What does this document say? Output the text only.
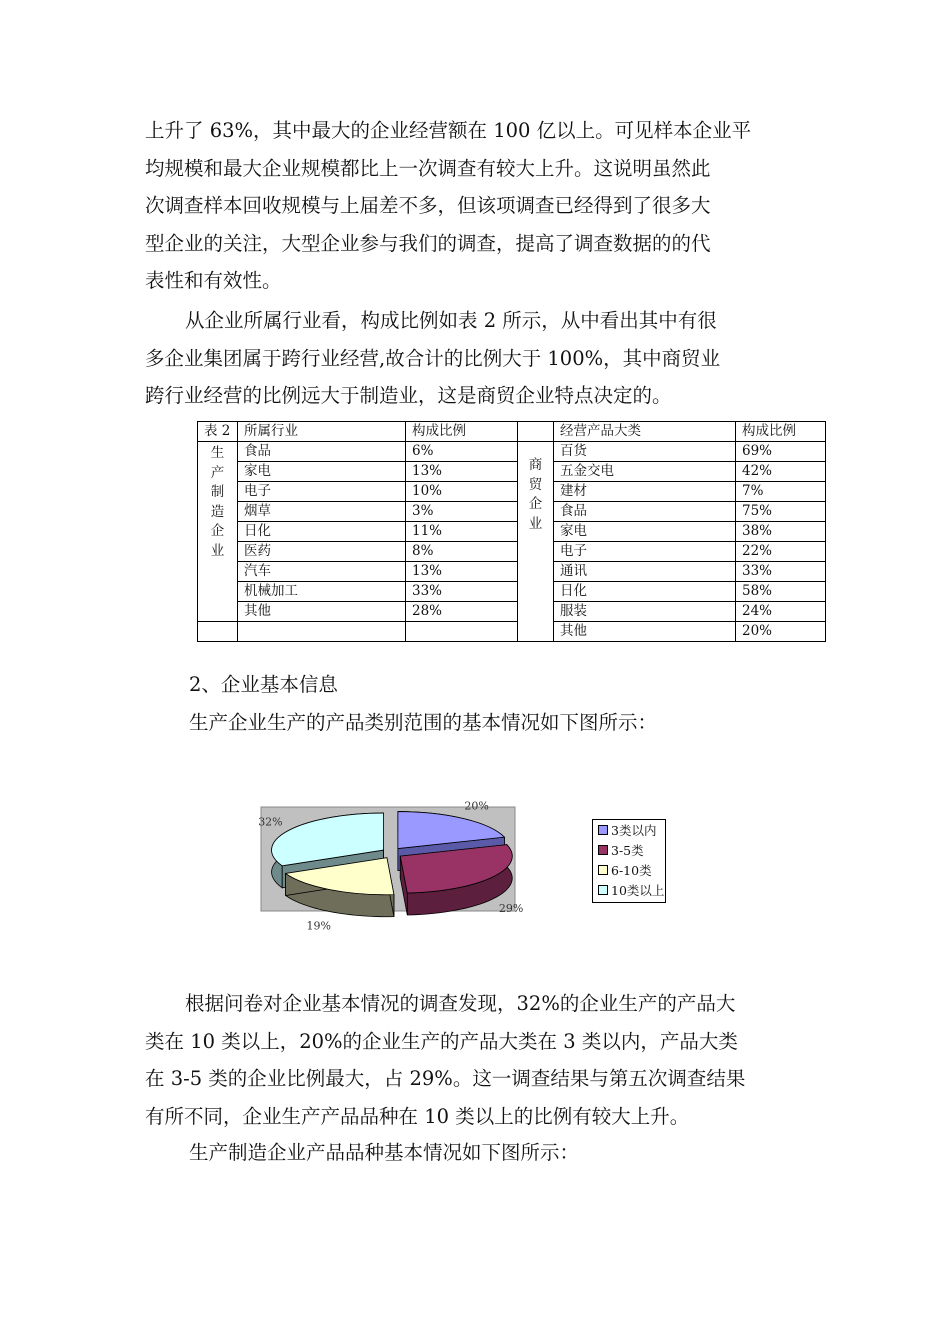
上升了 63%，其中最大的企业经营额在 100 亿以上。可见样本企业平
均规模和最大企业规模都比上一次调查有较大上升。这说明虽然此
次调查样本回收规模与上届差不多，但该项调查已经得到了很多大
型企业的关注，大型企业参与我们的调查，提高了调查数据的的代
表性和有效性。
从企业所属行业看，构成比例如表 2 所示，从中看出其中有很
多企业集团属于跨行业经营,故合计的比例大于 100%，其中商贸业
跨行业经营的比例远大于制造业，这是商贸企业特点决定的。
表 2	所属行业	构成比例		经营产品大类	构成比例

生产制造企业	食品	6%	商贸企业	百货	69%
	家电	13%		五金交电	42%
	电子	10%		建材	7%
	烟草	3%		食品	75%
	日化	11%		家电	38%
	医药	8%		电子	22%
	汽车	13%		通讯	33%
	机械加工	33%		日化	58%
	其他	28%		服装	24%
				其他	20%
2、企业基本信息
生产企业生产的产品类别范围的基本情况如下图所示：
20%
29%
19%
32%
3类以内
3-5类
6-10类
10类以上
根据问卷对企业基本情况的调查发现，32%的企业生产的产品大
类在 10 类以上，20%的企业生产的产品大类在 3 类以内，产品大类
在 3-5 类的企业比例最大，占 29%。这一调查结果与第五次调查结果
有所不同，企业生产产品品种在 10 类以上的比例有较大上升。
生产制造企业产品品种基本情况如下图所示：
